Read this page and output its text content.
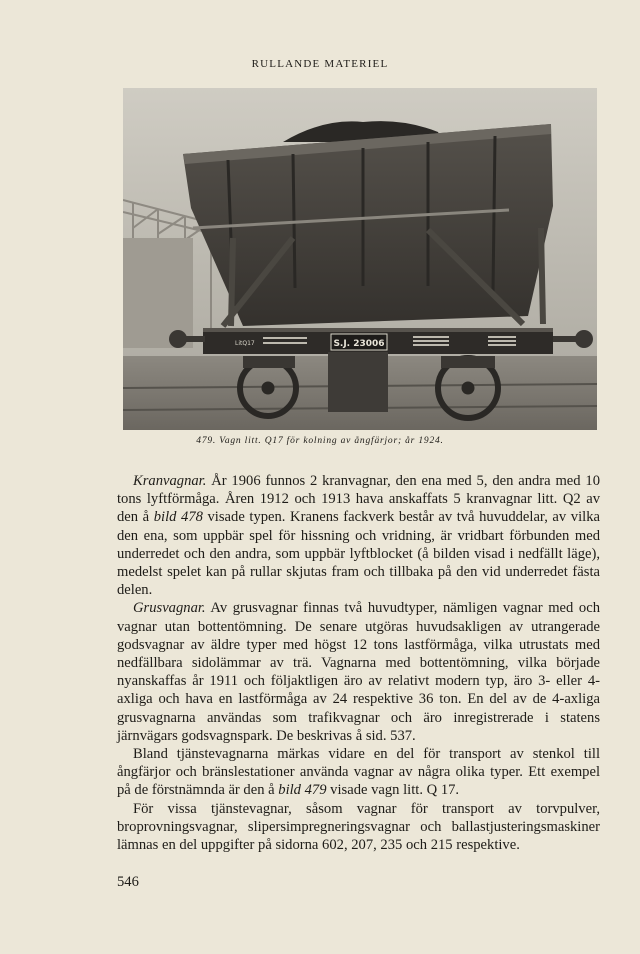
RULLANDE MATERIEL
S.J. 23006
LitQ17
479. Vagn litt. Q17 för kolning av ångfärjor; år 1924.

Kranvagnar. År 1906 funnos 2 kranvagnar, den ena med 5, den andra med 10 tons lyftförmåga. Åren 1912 och 1913 hava anskaffats 5 kranvagnar litt. Q2 av den å bild 478 visade typen. Kranens fackverk består av två huvuddelar, av vilka den ena, som uppbär spel för hissning och vridning, är vridbart förbunden med underredet och den andra, som uppbär lyftblocket (å bilden visad i nedfällt läge), medelst spelet kan på rullar skjutas fram och tillbaka på den vid underredet fästa delen.

Grusvagnar. Av grusvagnar finnas två huvudtyper, nämligen vagnar med och vagnar utan bottentömning. De senare utgöras huvudsakligen av utrangerade godsvagnar av äldre typer med högst 12 tons lastförmåga, vilka utrustats med nedfällbara sidolämmar av trä. Vagnarna med bottentömning, vilka började nyanskaffas år 1911 och följaktligen äro av relativt modern typ, äro 3- eller 4-axliga och hava en lastförmåga av 24 respektive 36 ton. En del av de 4-axliga grusvagnarna användas som trafikvagnar och äro inregistrerade i statens järnvägars godsvagnspark. De beskrivas å sid. 537.

Bland tjänstevagnarna märkas vidare en del för transport av stenkol till ångfärjor och bränslestationer använda vagnar av några olika typer. Ett exempel på de förstnämnda är den å bild 479 visade vagn litt. Q 17.

För vissa tjänstevagnar, såsom vagnar för transport av torvpulver, broprovningsvagnar, slipersimpregneringsvagnar och ballastjusteringsmaskiner lämnas en del uppgifter på sidorna 602, 207, 235 och 215 respektive.

546
